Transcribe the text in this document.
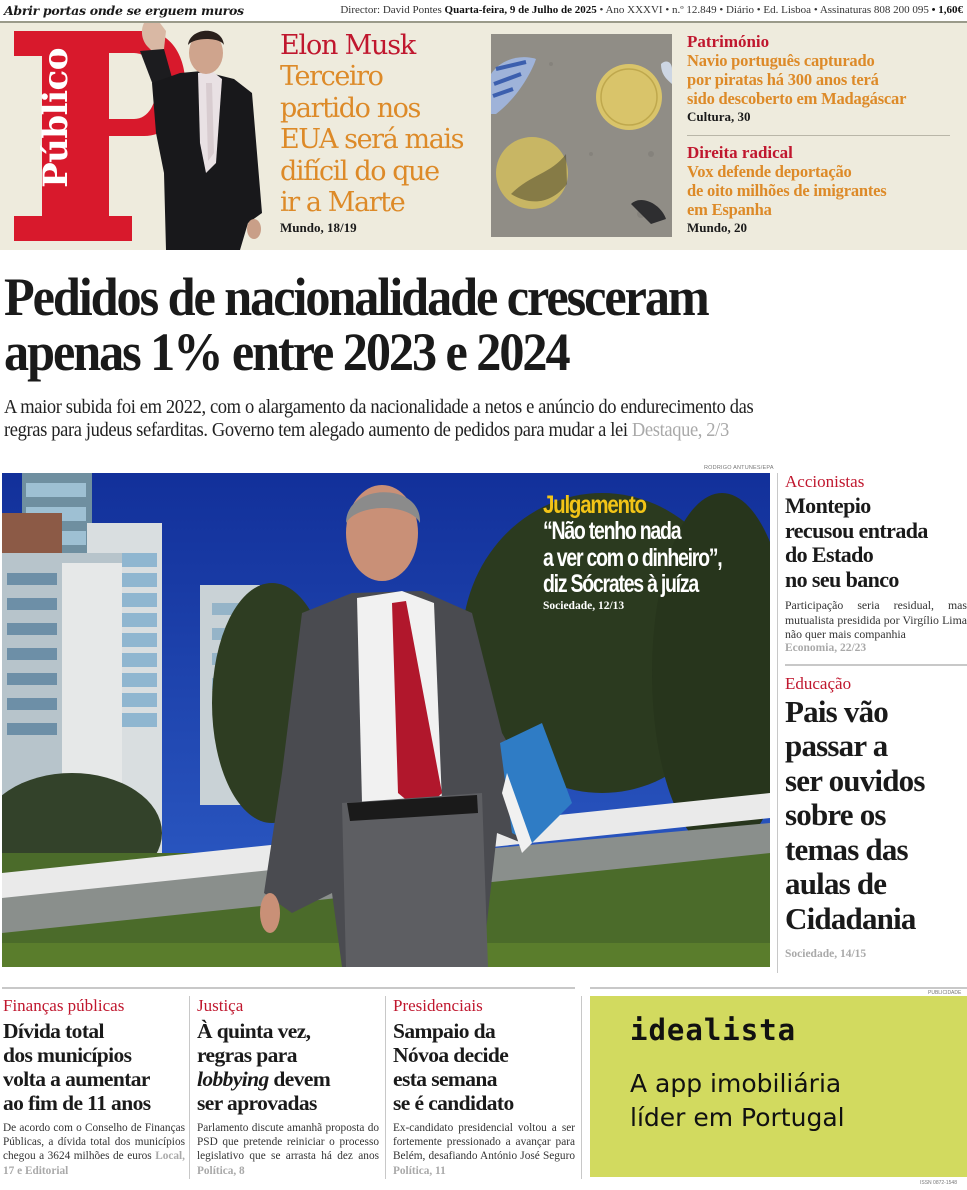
Abrir portas onde se erguem muros	Director: David Pontes Quarta-feira, 9 de Julho de 2025 • Ano XXXVI • n.º 12.849 • Diário • Ed. Lisboa • Assinaturas 808 200 095 • 1,60€
Público
Elon Musk
Terceiro
partido nos
EUA será mais
difícil do que
ir a Marte
Mundo, 18/19
Património
Navio português capturado
por piratas há 300 anos terá
sido descoberto em Madagáscar
Cultura, 30
Direita radical
Vox defende deportação
de oito milhões de imigrantes
em Espanha
Mundo, 20
Pedidos de nacionalidade cresceram
apenas 1% entre 2023 e 2024
A maior subida foi em 2022, com o alargamento da nacionalidade a netos e anúncio do endurecimento das
regras para judeus sefarditas. Governo tem alegado aumento de pedidos para mudar a lei Destaque, 2/3
RODRIGO ANTUNES/EPA
Julgamento
“Não tenho nada
a ver com o dinheiro”,
diz Sócrates à juíza
Sociedade, 12/13
Accionistas
Montepio
recusou entrada
do Estado
no seu banco
Participação seria residual, mas mutualista presidida por Virgílio Lima não quer mais companhia
Economia, 22/23
Educação
Pais vão
passar a
ser ouvidos
sobre os
temas das
aulas de
Cidadania
Sociedade, 14/15
Finanças públicas
Dívida total
dos municípios
volta a aumentar
ao fim de 11 anos
De acordo com o Conselho de Finanças Públicas, a dívida total dos municípios chegou a 3624 milhões de euros Local, 17 e Editorial
Justiça
À quinta vez,
regras para
lobbying devem
ser aprovadas
Parlamento discute amanhã proposta do PSD que pretende reiniciar o processo legislativo que se arrasta há dez anos Política, 8
Presidenciais
Sampaio da
Nóvoa decide
esta semana
se é candidato
Ex-candidato presidencial voltou a ser fortemente pressionado a avançar para Belém, desafiando António José Seguro Política, 11
PUBLICIDADE
idealista
A app imobiliária
líder em Portugal
ISSN 0872-1548
